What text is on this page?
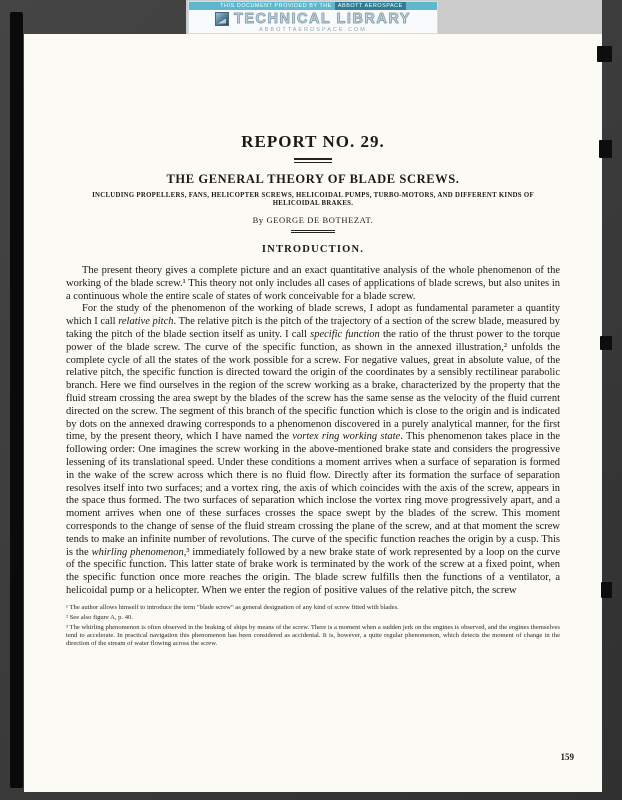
REPORT NO. 29.
THE GENERAL THEORY OF BLADE SCREWS.
INCLUDING PROPELLERS, FANS, HELICOPTER SCREWS, HELICOIDAL PUMPS, TURBO-MOTORS, AND DIFFERENT KINDS OF HELICOIDAL BRAKES.
By GEORGE DE BOTHEZAT.
INTRODUCTION.

The present theory gives a complete picture and an exact quantitative analysis of the whole phenomenon of the working of the blade screw.¹ This theory not only includes all cases of applications of blade screws, but also unites in a continuous whole the entire scale of states of work conceivable for a blade screw.

For the study of the phenomenon of the working of blade screws, I adopt as fundamental parameter a quantity which I call relative pitch. The relative pitch is the pitch of the trajectory of a section of the screw blade, measured by taking the pitch of the blade section itself as unity. I call specific function the ratio of the thrust power to the torque power of the blade screw. The curve of the specific function, as shown in the annexed illustration,² unfolds the complete cycle of all the states of the work possible for a screw. For negative values, great in absolute value, of the relative pitch, the specific function is directed toward the origin of the coordinates by a sensibly rectilinear parabolic branch. Here we find ourselves in the region of the screw working as a brake, characterized by the property that the fluid stream crossing the area swept by the blades of the screw has the same sense as the velocity of the fluid current directed on the screw. The segment of this branch of the specific function which is close to the origin and is indicated by dots on the annexed drawing corresponds to a phenomenon discovered in a purely analytical manner, for the first time, by the present theory, which I have named the vortex ring working state. This phenomenon takes place in the following order: One imagines the screw working in the above-mentioned brake state and considers the progressive lessening of its translational speed. Under these conditions a moment arrives when a surface of separation is formed in the wake of the screw across which there is no fluid flow. Directly after its formation the surface of separation resolves itself into two surfaces; and a vortex ring, the axis of which coincides with the axis of the screw, appears in the space thus formed. The two surfaces of separation which inclose the vortex ring move progressively apart, and a moment arrives when one of these surfaces crosses the space swept by the blades of the screw. This moment corresponds to the change of sense of the fluid stream crossing the plane of the screw, and at that moment the screw tends to make an infinite number of revolutions. The curve of the specific function reaches the origin by a cusp. This is the whirling phenomenon,³ immediately followed by a new brake state of work represented by a loop on the curve of the specific function. This latter state of brake work is terminated by the work of the screw at a fixed point, when the specific function once more reaches the origin. The blade screw fulfills then the functions of a ventilator, a helicoidal pump or a helicopter. When we enter the region of positive values of the relative pitch, the screw

¹ The author allows himself to introduce the term "blade screw" as general designation of any kind of screw fitted with blades.
² See also figure A, p. 40.
³ The whirling phenomenon is often observed in the braking of ships by means of the screw. There is a moment when a sudden jerk on the engines is observed, and the engines themselves tend to accelerate. In practical navigation this phenomenon has been considered as accidental. It is, however, a quite regular phenomenon, which detects the moment of change in the direction of the stream of water flowing across the screw.
159
THIS DOCUMENT PROVIDED BY THE	ABBOTT AEROSPACE
TECHNICAL LIBRARY
ABBOTTAEROSPACE.COM
